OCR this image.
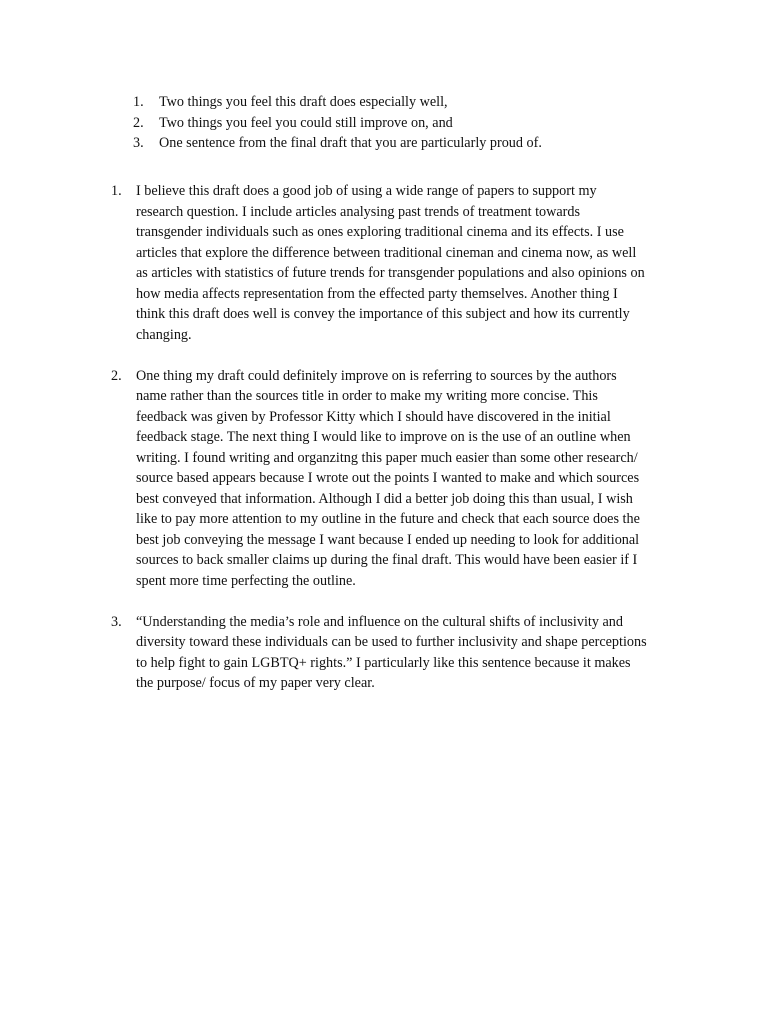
1. Two things you feel this draft does especially well,
2. Two things you feel you could still improve on, and
3. One sentence from the final draft that you are particularly proud of.
1. I believe this draft does a good job of using a wide range of papers to support my
research question. I include articles analysing past trends of treatment towards
transgender individuals such as ones exploring traditional cinema and its effects. I use
articles that explore the difference between traditional cineman and cinema now, as well
as articles with statistics of future trends for transgender populations and also opinions on
how media affects representation from the effected party themselves. Another thing I
think this draft does well is convey the importance of this subject and how its currently
changing.
2. One thing my draft could definitely improve on is referring to sources by the authors
name rather than the sources title in order to make my writing more concise. This
feedback was given by Professor Kitty which I should have discovered in the initial
feedback stage. The next thing I would like to improve on is the use of an outline when
writing. I found writing and organzitng this paper much easier than some other research/
source based appears because I wrote out the points I wanted to make and which sources
best conveyed that information. Although I did a better job doing this than usual, I wish
like to pay more attention to my outline in the future and check that each source does the
best job conveying the message I want because I ended up needing to look for additional
sources to back smaller claims up during the final draft. This would have been easier if I
spent more time perfecting the outline.
3. “Understanding the media’s role and influence on the cultural shifts of inclusivity and
diversity toward these individuals can be used to further inclusivity and shape perceptions
to help fight to gain LGBTQ+ rights.” I particularly like this sentence because it makes
the purpose/ focus of my paper very clear.
